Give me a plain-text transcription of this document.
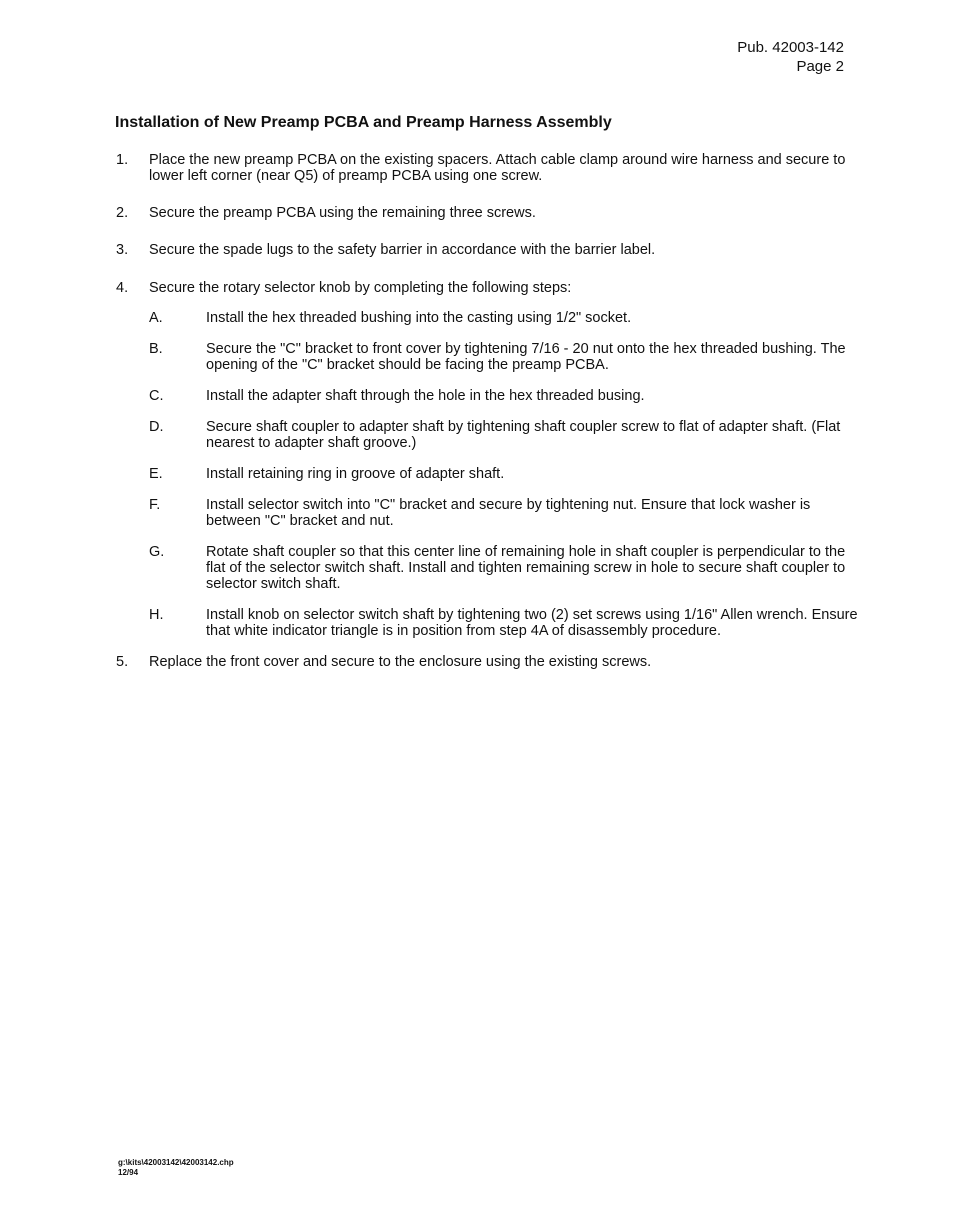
Pub. 42003-142
Page 2
Installation of New Preamp PCBA and Preamp Harness Assembly
1. Place the new preamp PCBA on the existing spacers. Attach cable clamp around wire harness and secure to lower left corner (near Q5) of preamp PCBA using one screw.
2. Secure the preamp PCBA using the remaining three screws.
3. Secure the spade lugs to the safety barrier in accordance with the barrier label.
4. Secure the rotary selector knob by completing the following steps:
A.	Install the hex threaded bushing into the casting using 1/2" socket.
B.	Secure the "C" bracket to front cover by tightening 7/16 - 20 nut onto the hex threaded bushing. The opening of the "C" bracket should be facing the preamp PCBA.
C.	Install the adapter shaft through the hole in the hex threaded busing.
D.	Secure shaft coupler to adapter shaft by tightening shaft coupler screw to flat of adapter shaft. (Flat nearest to adapter shaft groove.)
E.	Install retaining ring in groove of adapter shaft.
F.	Install selector switch into "C" bracket and secure by tightening nut. Ensure that lock washer is between "C" bracket and nut.
G.	Rotate shaft coupler so that this center line of remaining hole in shaft coupler is perpendicular to the flat of the selector switch shaft. Install and tighten remaining screw in hole to secure shaft coupler to selector switch shaft.
H.	Install knob on selector switch shaft by tightening two (2) set screws using 1/16" Allen wrench. Ensure that white indicator triangle is in position from step 4A of disassembly procedure.
5. Replace the front cover and secure to the enclosure using the existing screws.
g:\kits\42003142\42003142.chp
12/94
